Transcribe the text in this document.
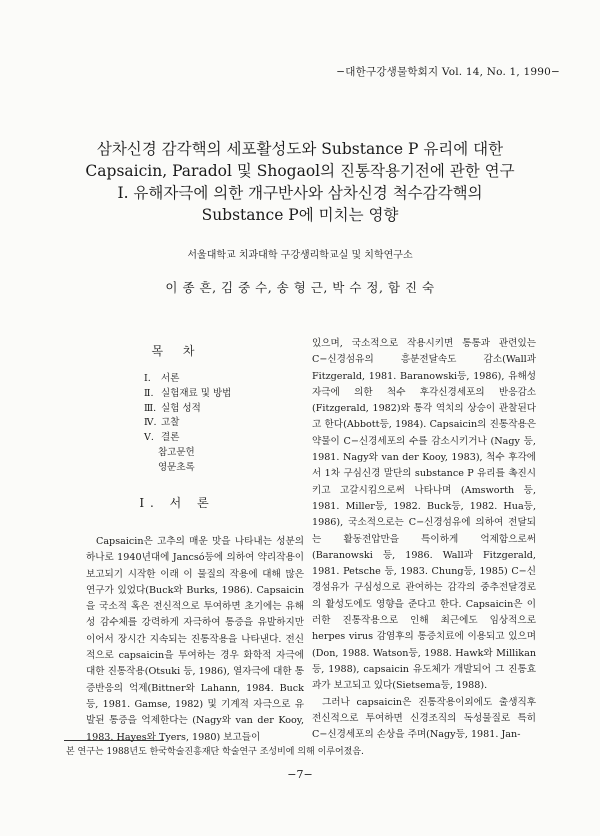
−대한구강생물학회지 Vol. 14, No. 1, 1990−
삼차신경 감각핵의 세포활성도와 Substance P 유리에 대한
Capsaicin, Paradol 및 Shogaol의 진통작용기전에 관한 연구
Ⅰ. 유해자극에 의한 개구반사와 삼차신경 척수감각핵의
Substance P에 미치는 영향
서울대학교 치과대학 구강생리학교실 및 치학연구소
이 종 흔, 김 중 수, 송 형 근, 박 수 정, 함 진 숙
목 차
Ⅰ. 서론
Ⅱ. 실험재료 및 방법
Ⅲ. 실험 성적
Ⅳ. 고찰
Ⅴ. 결론
참고문헌
영문초록
Ⅰ. 서 론

Capsaicin은 고추의 매운 맛을 나타내는 성분의 하나로 1940년대에 Jancsó등에 의하여 약리작용이 보고되기 시작한 이래 이 물질의 작용에 대해 많은 연구가 있었다(Buck와 Burks, 1986). Capsaicin을 국소적 혹은 전신적으로 투여하면 초기에는 유해성 감수체를 강력하게 자극하여 통증을 유발하지만 이어서 장시간 지속되는 진통작용을 나타낸다. 전신적으로 capsaicin을 투여하는 경우 화학적 자극에 대한 진통작용(Otsuki 등, 1986), 열자극에 대한 통증반응의 억제(Bittner와 Lahann, 1984. Buck 등, 1981. Gamse, 1982) 및 기계적 자극으로 유발된 통증을 억제한다는 (Nagy와 van der Kooy, 1983. Hayes와 Tyers, 1980) 보고들이

있으며, 국소적으로 작용시키면 통통과 관련있는 C−신경섬유의 흥분전달속도 감소(Wall과 Fitzgerald, 1981. Baranowski등, 1986), 유해성 자극에 의한 척수 후각신경세포의 반응감소(Fitzgerald, 1982)와 통각 역치의 상승이 관찰된다고 한다(Abbott등, 1984). Capsaicin의 진통작용은 약물이 C−신경세포의 수를 감소시키거나 (Nagy 등, 1981. Nagy와 van der Kooy, 1983), 척수 후각에서 1차 구심신경 말단의 substance P 유리를 촉진시키고 고갈시킴으로써 나타나며 (Amsworth 등, 1981. Miller등, 1982. Buck등, 1982. Hua등, 1986), 국소적으로는 C−신경섬유에 의하여 전달되는 활동전압만을 특이하게 억제함으로써 (Baranowski 등, 1986. Wall과 Fitzgerald, 1981. Petsche 등, 1983. Chung등, 1985) C−신경섬유가 구심성으로 관여하는 감각의 중추전달경로의 활성도에도 영향을 준다고 한다. Capsaicin은 이러한 진통작용으로 인해 최근에도 임상적으로 herpes virus 감염후의 통증치료에 이용되고 있으며(Don, 1988. Watson등, 1988. Hawk와 Millikan등, 1988), capsaicin 유도체가 개발되어 그 진통효과가 보고되고 있다(Sietsema등, 1988).

그러나 capsaicin은 진통작용이외에도 출생직후 전신적으로 투여하면 신경조직의 독성물질로 특히 C−신경세포의 손상을 주며(Nagy등, 1981. Jan-

본 연구는 1988년도 한국학술진흥재단 학술연구 조성비에 의해 이루어졌음.
−7−
